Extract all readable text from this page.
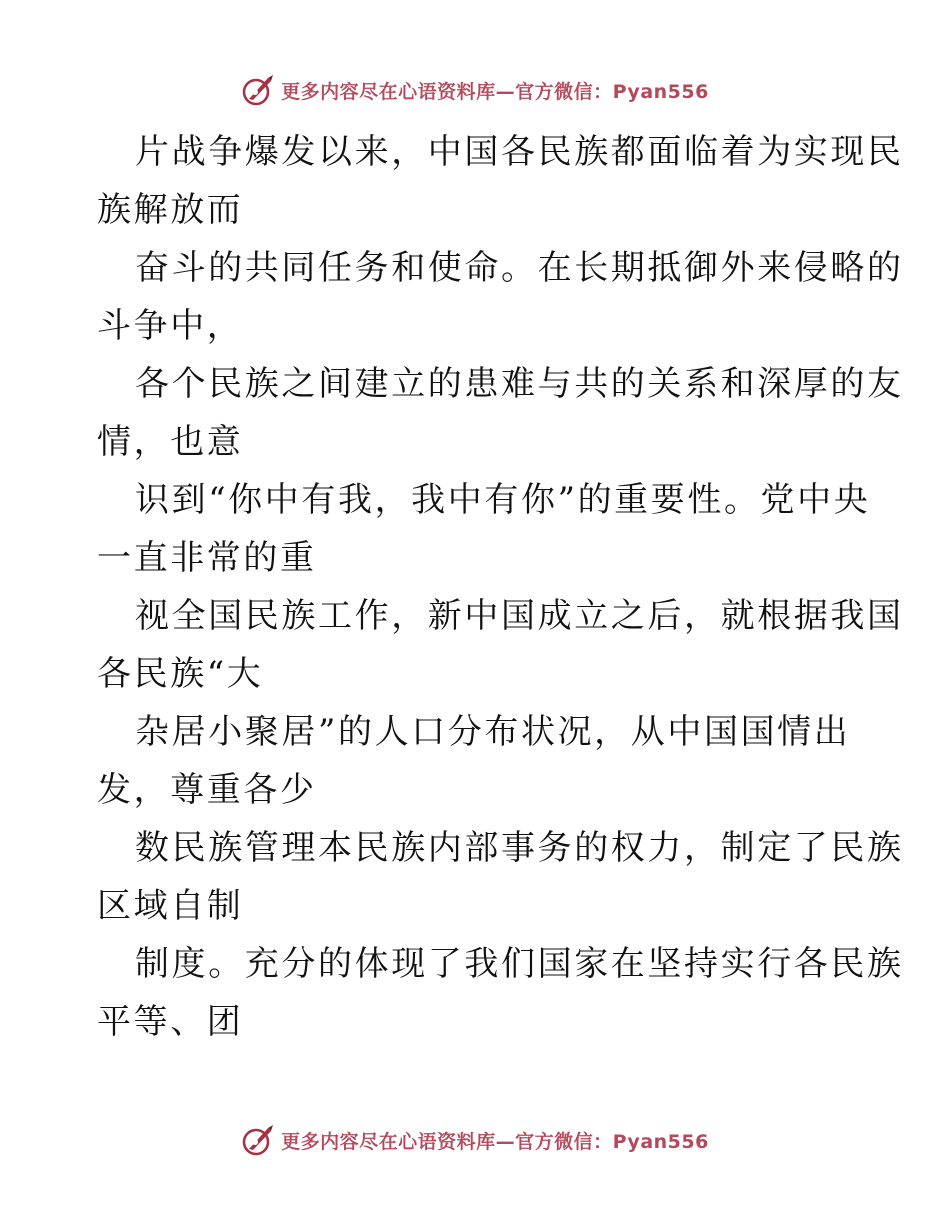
更多内容尽在心语资料库—官方微信：Pyan556
片战争爆发以来，中国各民族都面临着为实现民
族解放而
奋斗的共同任务和使命。在长期抵御外来侵略的
斗争中，
各个民族之间建立的患难与共的关系和深厚的友
情，也意
识到“你中有我，我中有你”的重要性。党中央
一直非常的重
视全国民族工作，新中国成立之后，就根据我国
各民族“大
杂居小聚居”的人口分布状况，从中国国情出
发，尊重各少
数民族管理本民族内部事务的权力，制定了民族
区域自制
制度。充分的体现了我们国家在坚持实行各民族
平等、团
更多内容尽在心语资料库—官方微信：Pyan556
